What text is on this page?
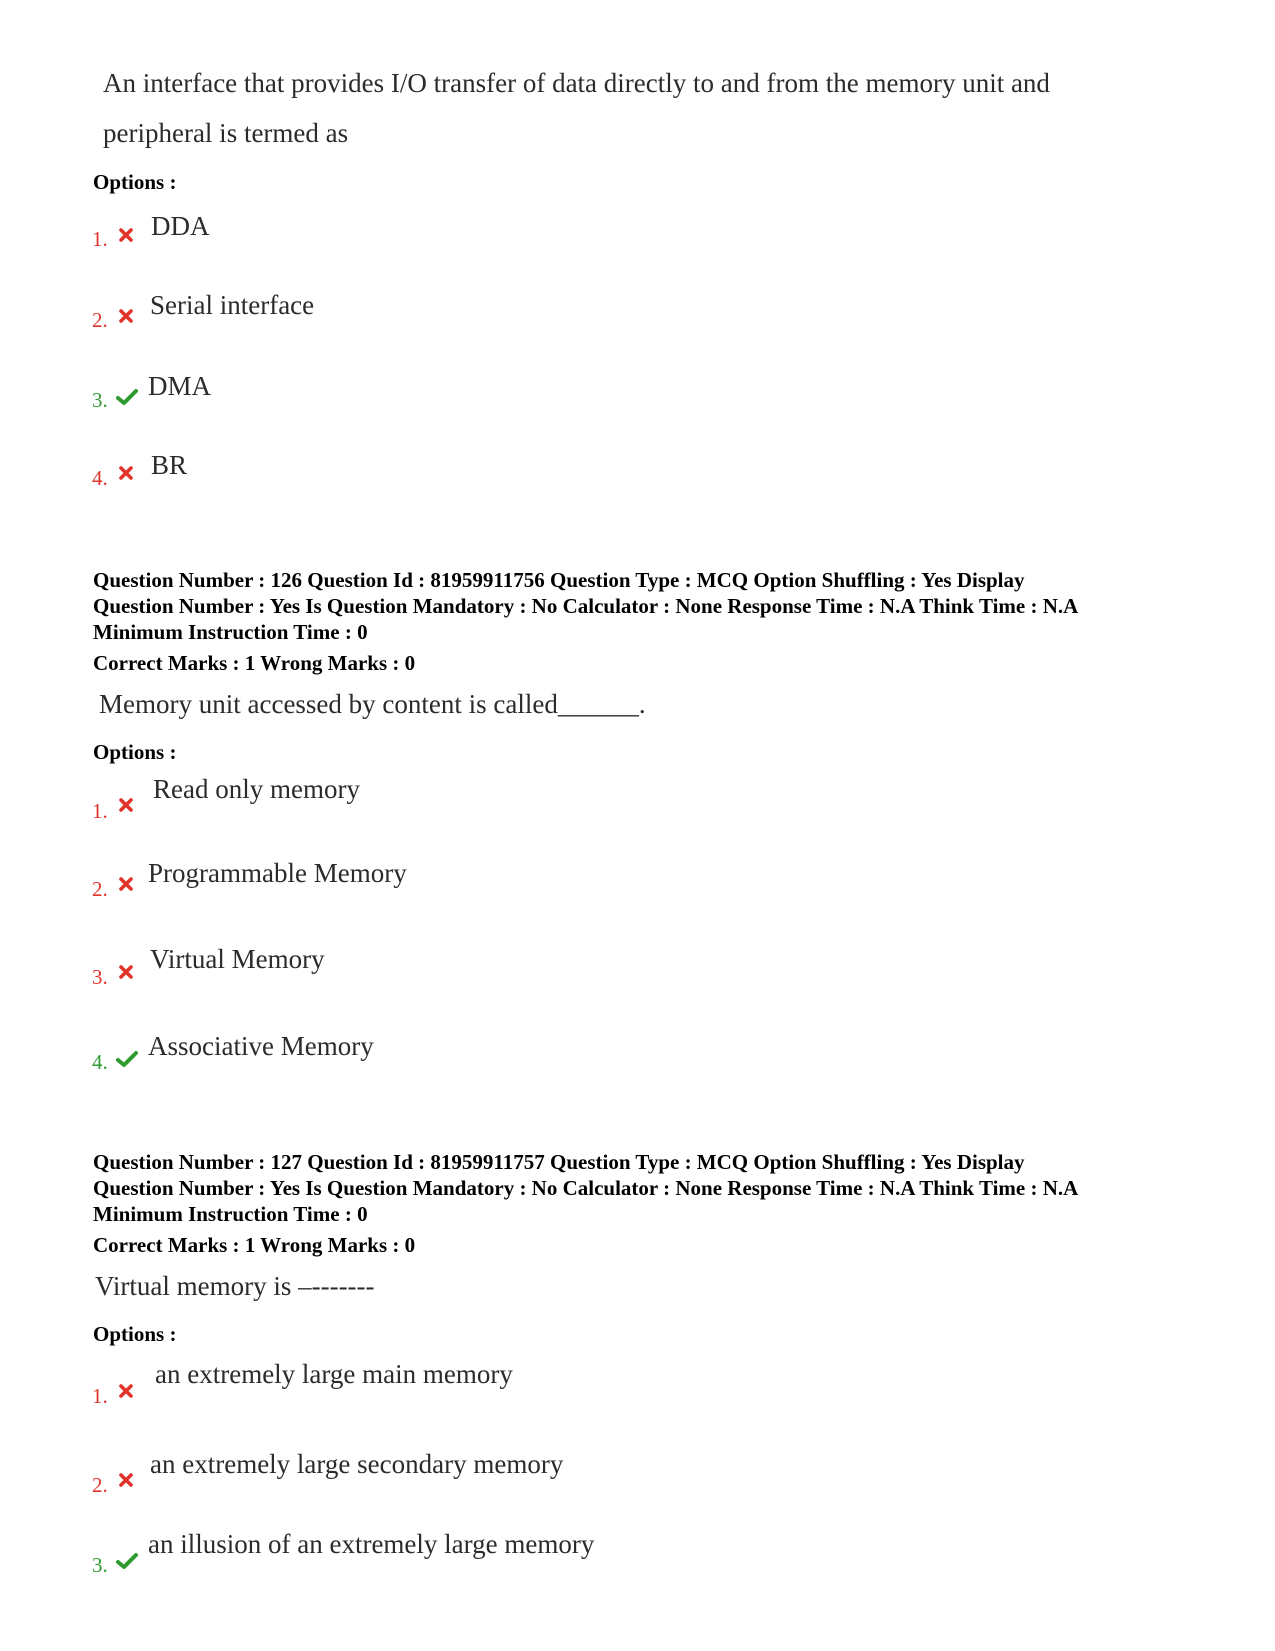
An interface that provides I/O transfer of data directly to and from the memory unit and
peripheral is termed as
Options :
1. DDA
2. Serial interface
3. DMA
4. BR
Question Number : 126 Question Id : 81959911756 Question Type : MCQ Option Shuffling : Yes Display
Question Number : Yes Is Question Mandatory : No Calculator : None Response Time : N.A Think Time : N.A
Minimum Instruction Time : 0
Correct Marks : 1 Wrong Marks : 0
Memory unit accessed by content is called______.
Options :
1.
Read only memory
2.
Programmable Memory
3.
Virtual Memory
4.
Associative Memory
Question Number : 127 Question Id : 81959911757 Question Type : MCQ Option Shuffling : Yes Display
Question Number : Yes Is Question Mandatory : No Calculator : None Response Time : N.A Think Time : N.A
Minimum Instruction Time : 0
Correct Marks : 1 Wrong Marks : 0
Virtual memory is –-------
Options :
1.
an extremely large main memory
2.
an extremely large secondary memory
3.
an illusion of an extremely large memory
